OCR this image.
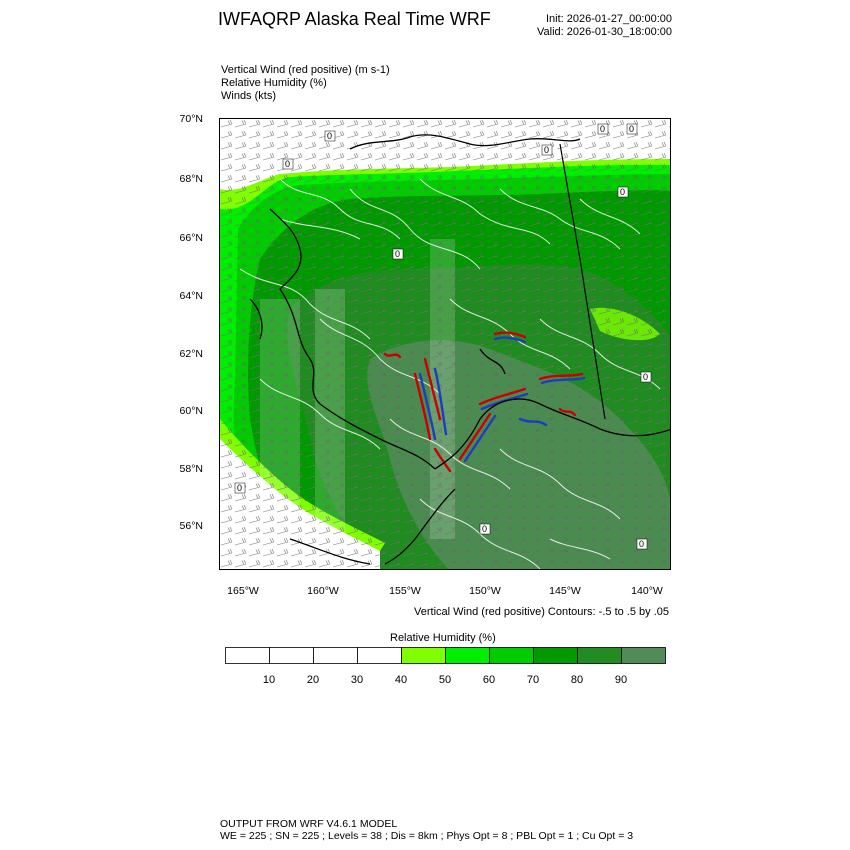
IWFAQRP Alaska Real Time WRF	Init: 2026-01-27_00:00:00
Valid: 2026-01-30_18:00:00
Vertical Wind (red positive) (m s-1)
Relative Humidity (%)
Winds (kts)
0
0
0
0
0
0
0
0
0
0
0
70°N
68°N
66°N
64°N
62°N
60°N
58°N
56°N
165°W	160°W	155°W	150°W	145°W	140°W
Vertical Wind (red positive) Contours: -.5 to .5 by .05
Relative Humidity (%)
10	20	30	40	50	60	70	80	90
OUTPUT FROM WRF V4.6.1 MODEL
WE = 225 ; SN = 225 ; Levels = 38 ; Dis = 8km ; Phys Opt = 8 ; PBL Opt = 1 ; Cu Opt = 3
